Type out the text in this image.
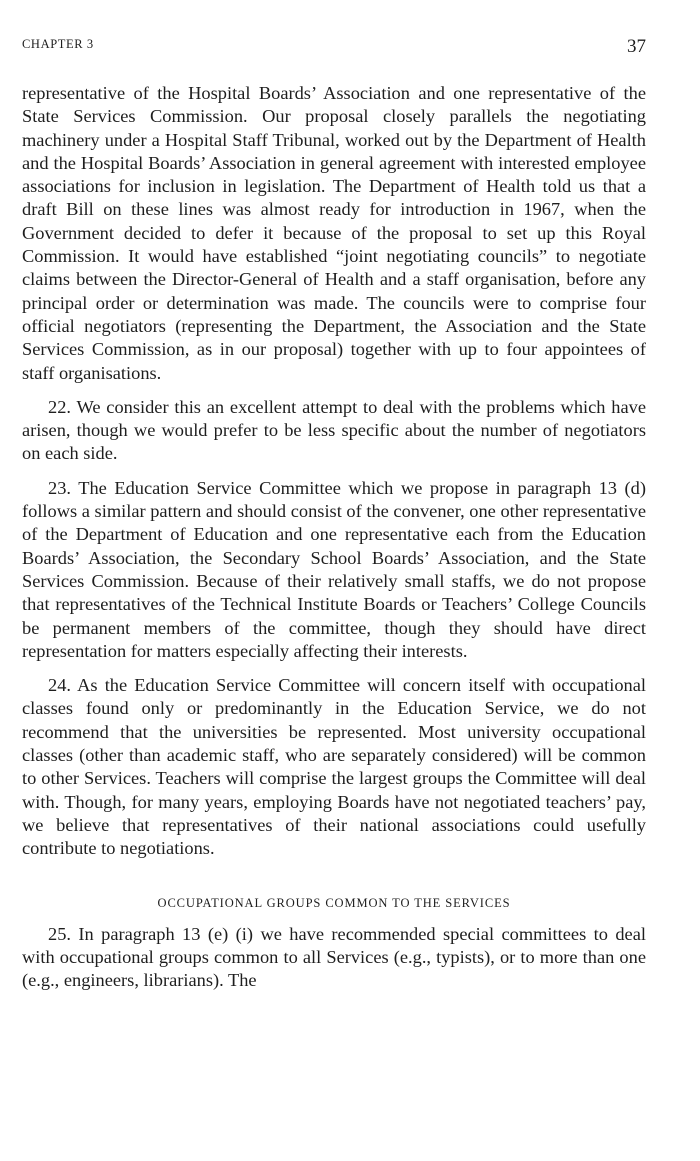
CHAPTER 3	37

representative of the Hospital Boards’ Association and one representative of the State Services Commission. Our proposal closely parallels the negotiating machinery under a Hospital Staff Tribunal, worked out by the Department of Health and the Hospital Boards’ Association in general agreement with interested employee associations for inclusion in legislation. The Department of Health told us that a draft Bill on these lines was almost ready for introduction in 1967, when the Government decided to defer it because of the proposal to set up this Royal Commission. It would have established “joint negotiating councils” to negotiate claims between the Director-General of Health and a staff organisation, before any principal order or determination was made. The councils were to comprise four official negotiators (representing the Department, the Association and the State Services Commission, as in our proposal) together with up to four appointees of staff organisations.

22. We consider this an excellent attempt to deal with the problems which have arisen, though we would prefer to be less specific about the number of negotiators on each side.

23. The Education Service Committee which we propose in paragraph 13 (d) follows a similar pattern and should consist of the convener, one other representative of the Department of Education and one representative each from the Education Boards’ Association, the Secondary School Boards’ Association, and the State Services Commission. Because of their relatively small staffs, we do not propose that representatives of the Technical Institute Boards or Teachers’ College Councils be permanent members of the committee, though they should have direct representation for matters especially affecting their interests.

24. As the Education Service Committee will concern itself with occupational classes found only or predominantly in the Education Service, we do not recommend that the universities be represented. Most university occupational classes (other than academic staff, who are separately considered) will be common to other Services. Teachers will comprise the largest groups the Committee will deal with. Though, for many years, employing Boards have not negotiated teachers’ pay, we believe that representatives of their national associations could usefully contribute to negotiations.

OCCUPATIONAL GROUPS COMMON TO THE SERVICES

25. In paragraph 13 (e) (i) we have recommended special committees to deal with occupational groups common to all Services (e.g., typists), or to more than one (e.g., engineers, librarians). The
